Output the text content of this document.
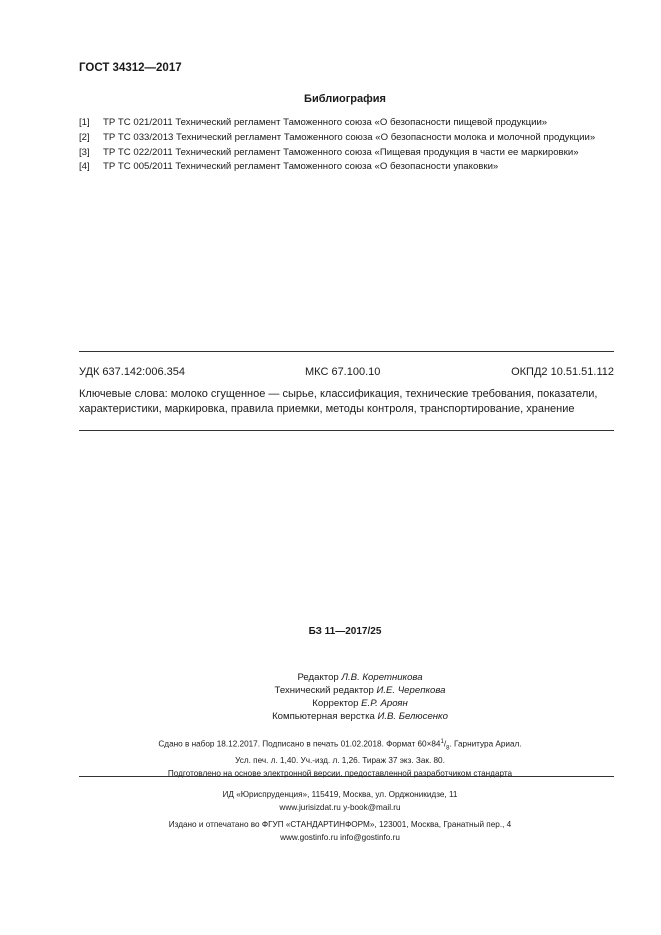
ГОСТ 34312—2017
Библиография
[1]	ТР ТС 021/2011 Технический регламент Таможенного союза «О безопасности пищевой продукции»
[2]	ТР ТС 033/2013 Технический регламент Таможенного союза «О безопасности молока и молочной продукции»
[3]	ТР ТС 022/2011 Технический регламент Таможенного союза «Пищевая продукция в части ее маркировки»
[4]	ТР ТС 005/2011 Технический регламент Таможенного союза «О безопасности упаковки»
УДК 637.142:006.354	МКС 67.100.10	ОКПД2 10.51.51.112
Ключевые слова: молоко сгущенное — сырье, классификация, технические требования, показатели,
характеристики, маркировка, правила приемки, методы контроля, транспортирование, хранение
БЗ 11—2017/25
Редактор Л.В. Коретникова
Технический редактор И.Е. Черепкова
Корректор Е.Р. Ароян
Компьютерная верстка И.В. Белюсенко
Сдано в набор 18.12.2017. Подписано в печать 01.02.2018. Формат $60\times 84^1/_8$. Гарнитура Ариал.
Усл. печ. л. 1,40. Уч.-изд. л. 1,26. Тираж 37 экз. Зак. 80.
Подготовлено на основе электронной версии, предоставленной разработчиком стандарта
ИД «Юриспруденция», 115419, Москва, ул. Орджоникидзе, 11
www.jurisizdat.ru y-book@mail.ru
Издано и отпечатано во ФГУП «СТАНДАРТИНФОРМ», 123001, Москва, Гранатный пер., 4
www.gostinfo.ru info@gostinfo.ru
